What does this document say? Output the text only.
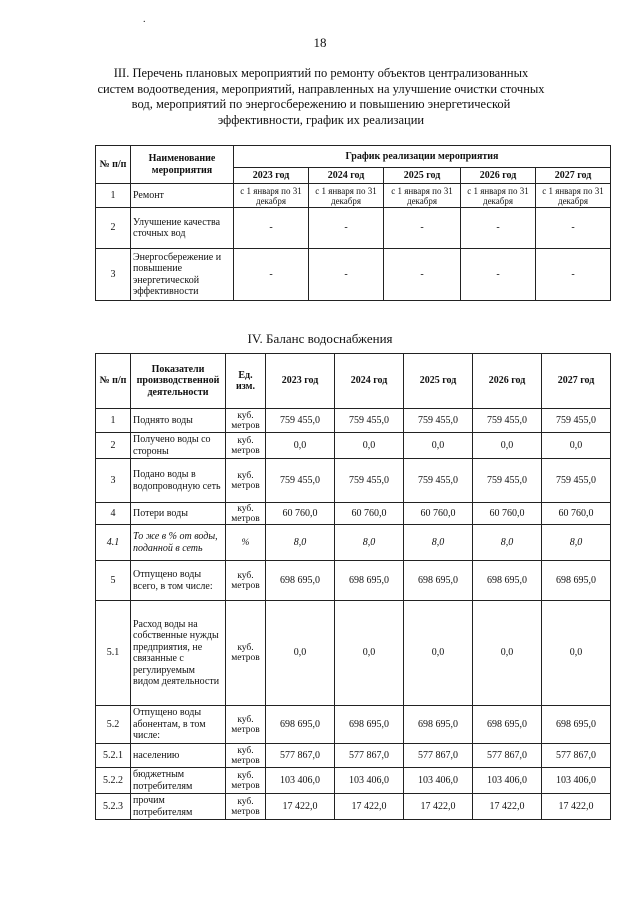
.
18
III. Перечень плановых мероприятий по ремонту объектов централизованных систем водоотведения, мероприятий, направленных на улучшение очистки сточных вод, мероприятий по энергосбережению и повышению энергетической эффективности, график их реализации
№ п/п	Наименование мероприятия	График реализации мероприятия				
		2023 год	2024 год	2025 год	2026 год	2027 год
1	Ремонт	с 1 января по 31 декабря	с 1 января по 31 декабря	с 1 января по 31 декабря	с 1 января по 31 декабря	с 1 января по 31 декабря
2	Улучшение качества сточных вод	-	-	-	-	-
3	Энергосбережение и повышение энергетической эффективности	-	-	-	-	-
IV. Баланс водоснабжения
№ п/п	Показатели производственной деятельности	Ед. изм.	2023 год	2024 год	2025 год	2026 год	2027 год
1	Поднято воды	куб. метров	759 455,0	759 455,0	759 455,0	759 455,0	759 455,0
2	Получено воды со стороны	куб. метров	0,0	0,0	0,0	0,0	0,0
3	Подано воды в водопроводную сеть	куб. метров	759 455,0	759 455,0	759 455,0	759 455,0	759 455,0
4	Потери воды	куб. метров	60 760,0	60 760,0	60 760,0	60 760,0	60 760,0
4.1	То же в % от воды, поданной в сеть	%	8,0	8,0	8,0	8,0	8,0
5	Отпущено воды всего, в том числе:	куб. метров	698 695,0	698 695,0	698 695,0	698 695,0	698 695,0
5.1	Расход воды на собственные нужды предприятия, не связанные с регулируемым видом деятельности	куб. метров	0,0	0,0	0,0	0,0	0,0
5.2	Отпущено воды абонентам, в том числе:	куб. метров	698 695,0	698 695,0	698 695,0	698 695,0	698 695,0
5.2.1	населению	куб. метров	577 867,0	577 867,0	577 867,0	577 867,0	577 867,0
5.2.2	бюджетным потребителям	куб. метров	103 406,0	103 406,0	103 406,0	103 406,0	103 406,0
5.2.3	прочим потребителям	куб. метров	17 422,0	17 422,0	17 422,0	17 422,0	17 422,0
